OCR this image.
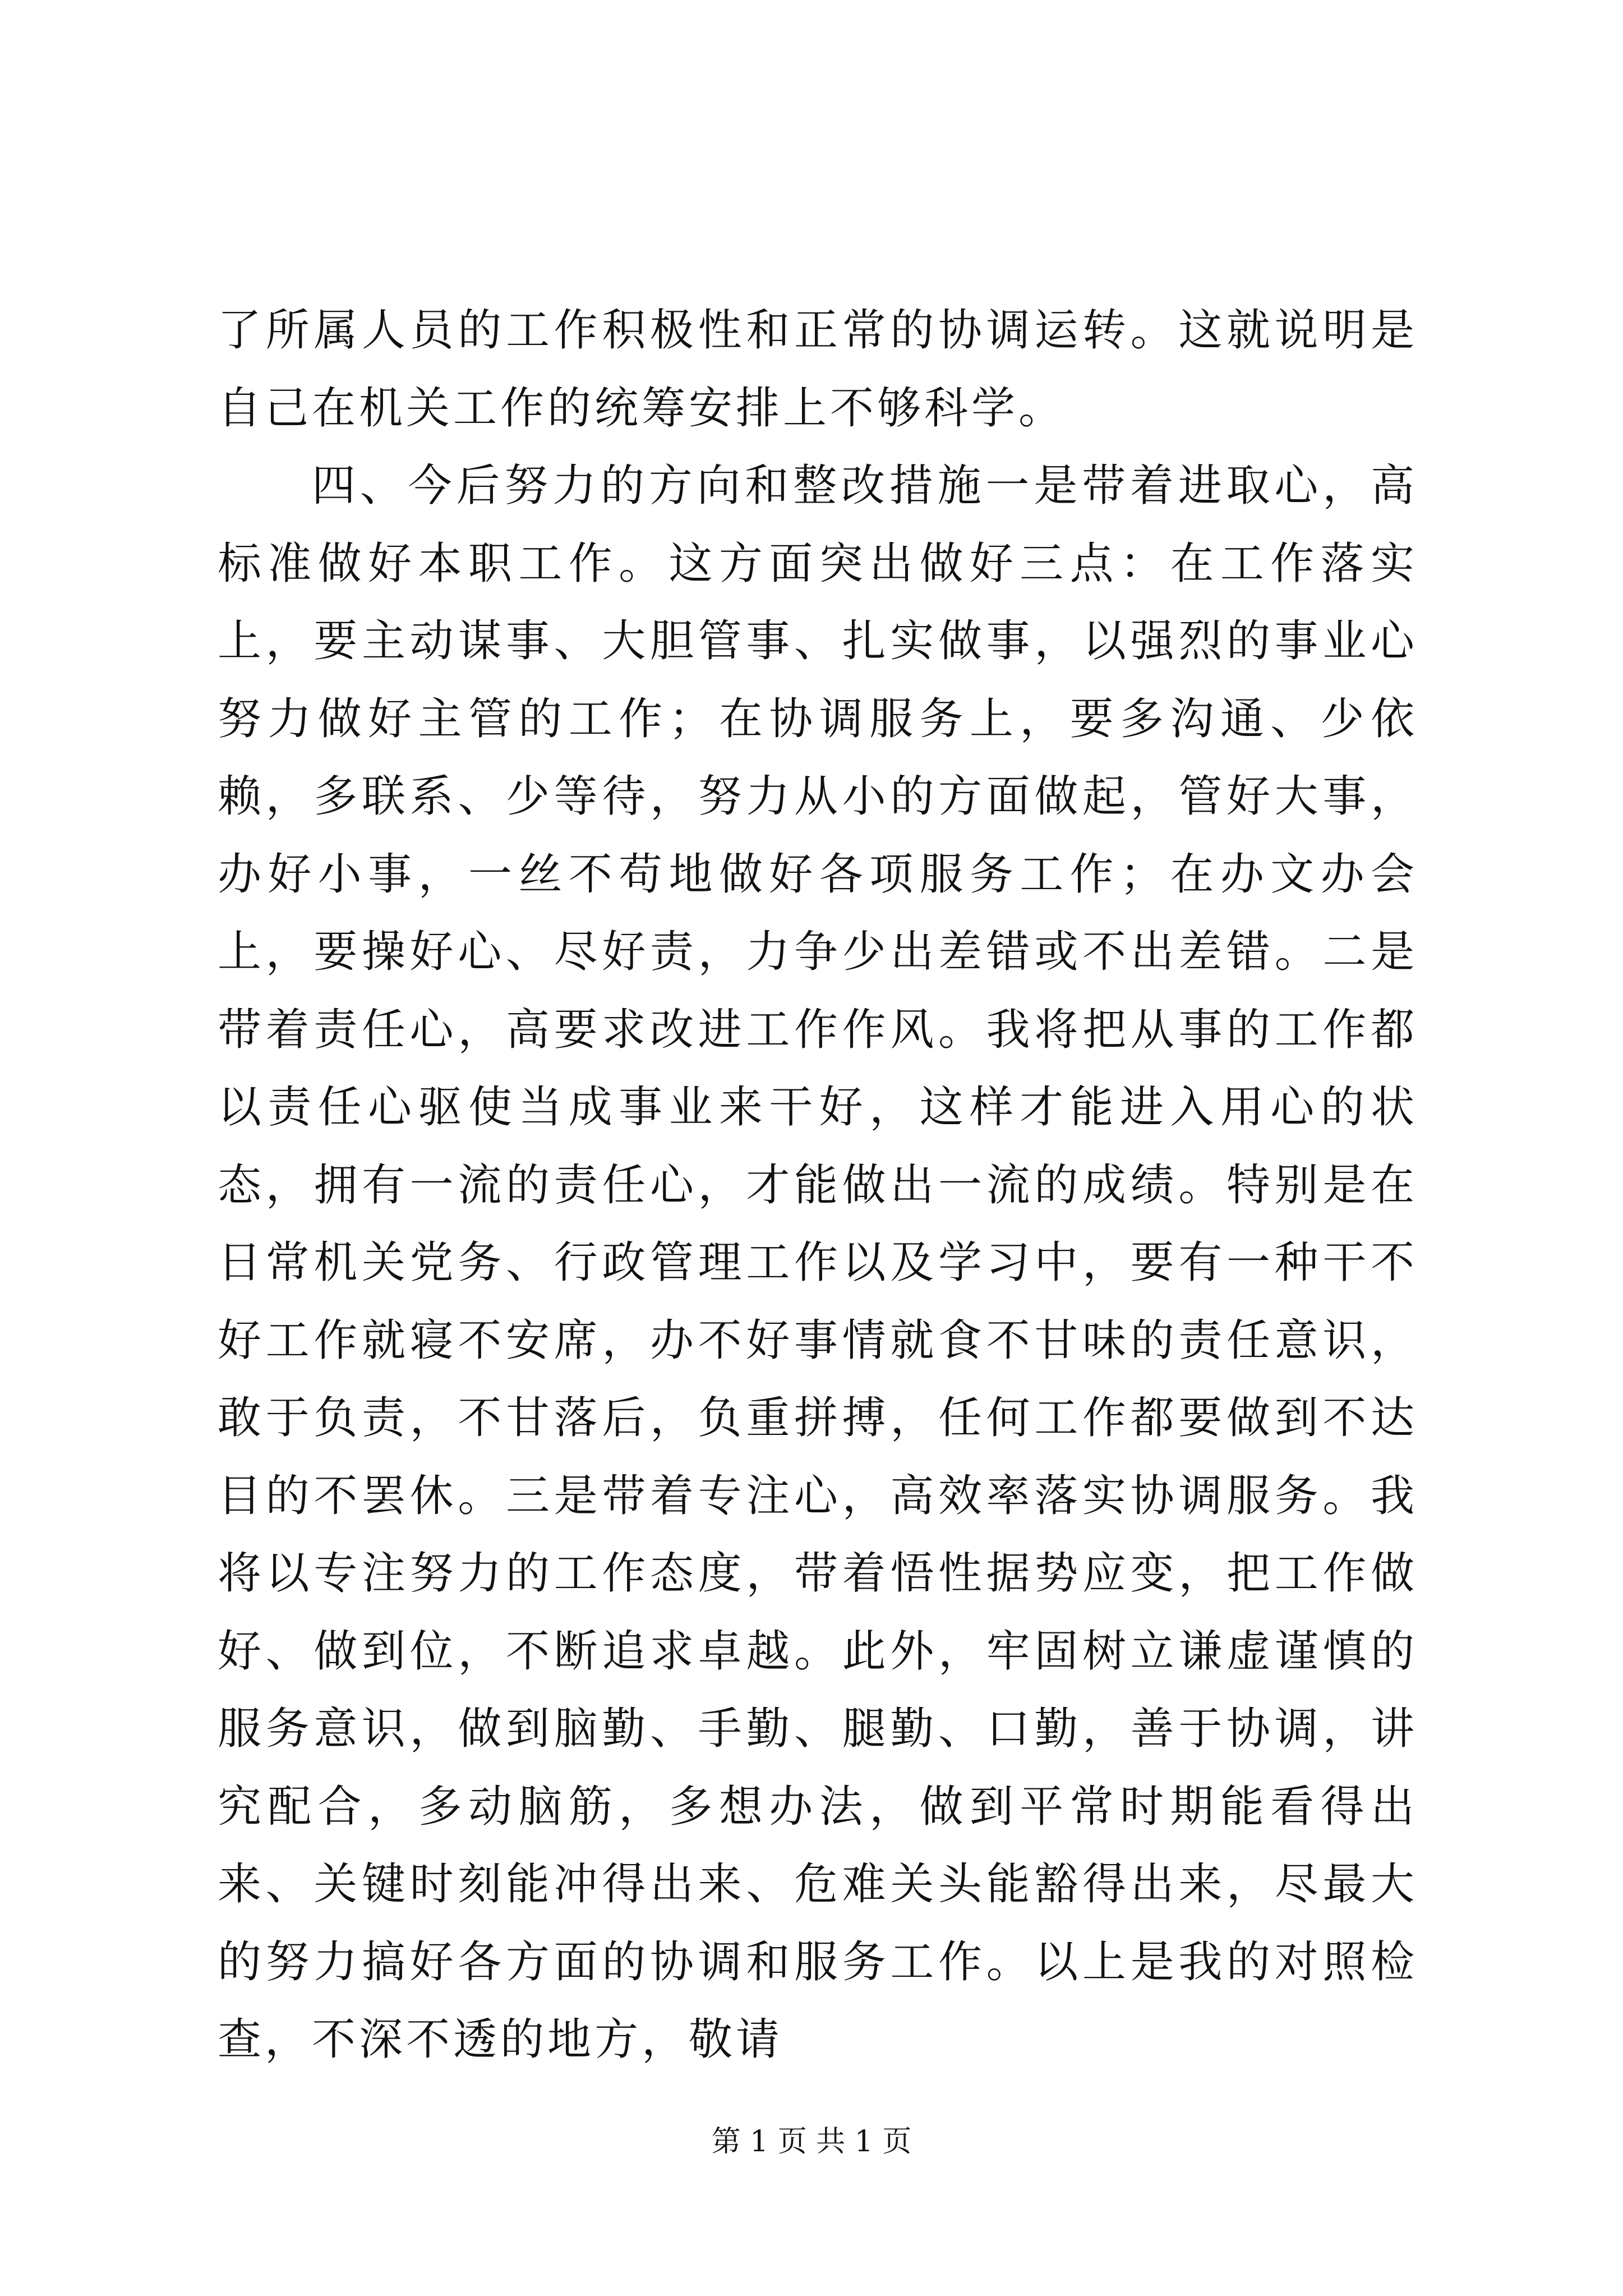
了所属人员的工作积极性和正常的协调运转。这就说明是自己在机关工作的统筹安排上不够科学。

四、今后努力的方向和整改措施一是带着进取心，高标准做好本职工作。这方面突出做好三点：在工作落实上，要主动谋事、大胆管事、扎实做事，以强烈的事业心努力做好主管的工作；在协调服务上，要多沟通、少依赖，多联系、少等待，努力从小的方面做起，管好大事，办好小事，一丝不苟地做好各项服务工作；在办文办会上，要操好心、尽好责，力争少出差错或不出差错。二是带着责任心，高要求改进工作作风。我将把从事的工作都以责任心驱使当成事业来干好，这样才能进入用心的状态，拥有一流的责任心，才能做出一流的成绩。特别是在日常机关党务、行政管理工作以及学习中，要有一种干不好工作就寝不安席，办不好事情就食不甘味的责任意识，敢于负责，不甘落后，负重拼搏，任何工作都要做到不达目的不罢休。三是带着专注心，高效率落实协调服务。我将以专注努力的工作态度，带着悟性据势应变，把工作做好、做到位，不断追求卓越。此外，牢固树立谦虚谨慎的服务意识，做到脑勤、手勤、腿勤、口勤，善于协调，讲究配合，多动脑筋，多想办法，做到平常时期能看得出来、关键时刻能冲得出来、危难关头能豁得出来，尽最大的努力搞好各方面的协调和服务工作。以上是我的对照检查，不深不透的地方，敬请

第 1 页 共 1 页
